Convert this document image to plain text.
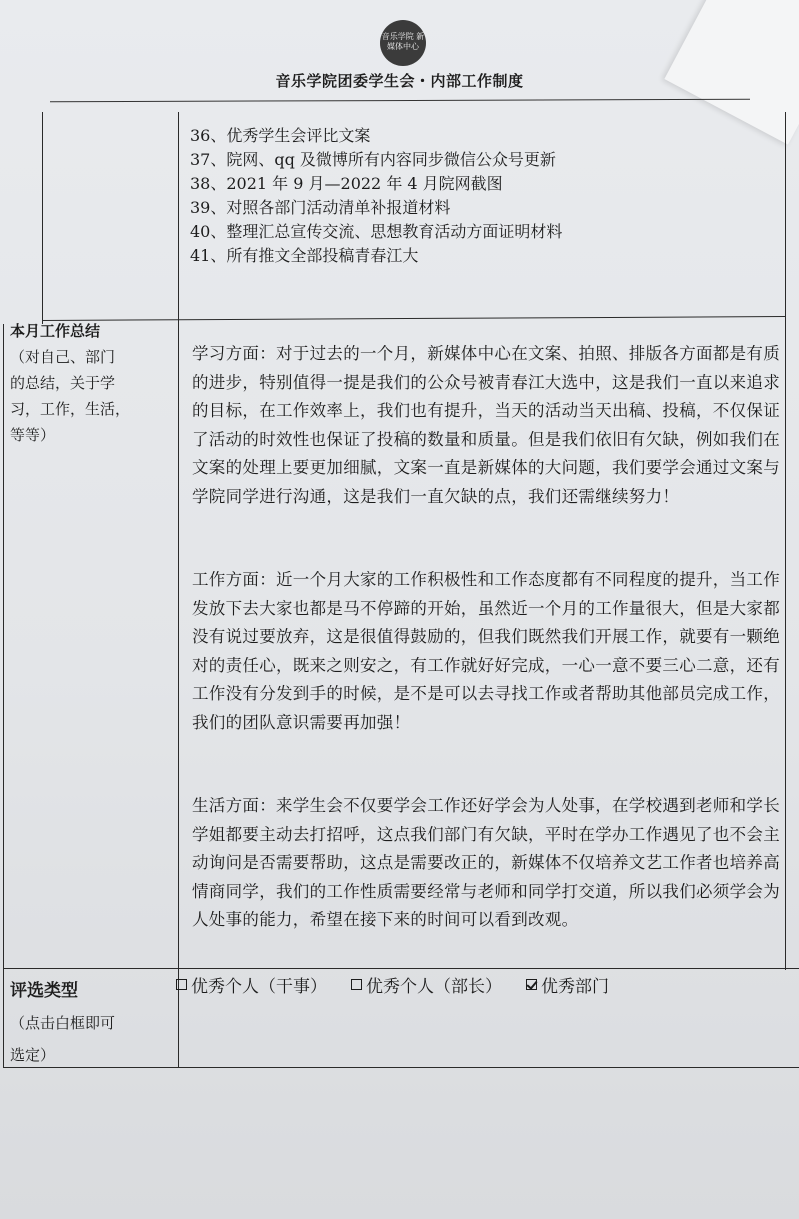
音乐学院 新媒体中心
音乐学院团委学生会・内部工作制度
36、优秀学生会评比文案
37、院网、qq 及微博所有内容同步微信公众号更新
38、2021 年 9 月—2022 年 4 月院网截图
39、对照各部门活动清单补报道材料
40、整理汇总宣传交流、思想教育活动方面证明材料
41、所有推文全部投稿青春江大
本月工作总结
（对自己、部门
的总结，关于学
习，工作，生活，
等等）
学习方面：对于过去的一个月，新媒体中心在文案、拍照、排版各方面都是有质的进步，特别值得一提是我们的公众号被青春江大选中，这是我们一直以来追求的目标，在工作效率上，我们也有提升，当天的活动当天出稿、投稿，不仅保证了活动的时效性也保证了投稿的数量和质量。但是我们依旧有欠缺，例如我们在文案的处理上要更加细腻，文案一直是新媒体的大问题，我们要学会通过文案与学院同学进行沟通，这是我们一直欠缺的点，我们还需继续努力！
工作方面：近一个月大家的工作积极性和工作态度都有不同程度的提升，当工作发放下去大家也都是马不停蹄的开始，虽然近一个月的工作量很大，但是大家都没有说过要放弃，这是很值得鼓励的，但我们既然我们开展工作，就要有一颗绝对的责任心，既来之则安之，有工作就好好完成，一心一意不要三心二意，还有工作没有分发到手的时候，是不是可以去寻找工作或者帮助其他部员完成工作，我们的团队意识需要再加强！
生活方面：来学生会不仅要学会工作还好学会为人处事，在学校遇到老师和学长学姐都要主动去打招呼，这点我们部门有欠缺，平时在学办工作遇见了也不会主动询问是否需要帮助，这点是需要改正的，新媒体不仅培养文艺工作者也培养高情商同学，我们的工作性质需要经常与老师和同学打交道，所以我们必须学会为人处事的能力，希望在接下来的时间可以看到改观。
评选类型
（点击白框即可
选定）
优秀个人（干事） 优秀个人（部长） 优秀部门
